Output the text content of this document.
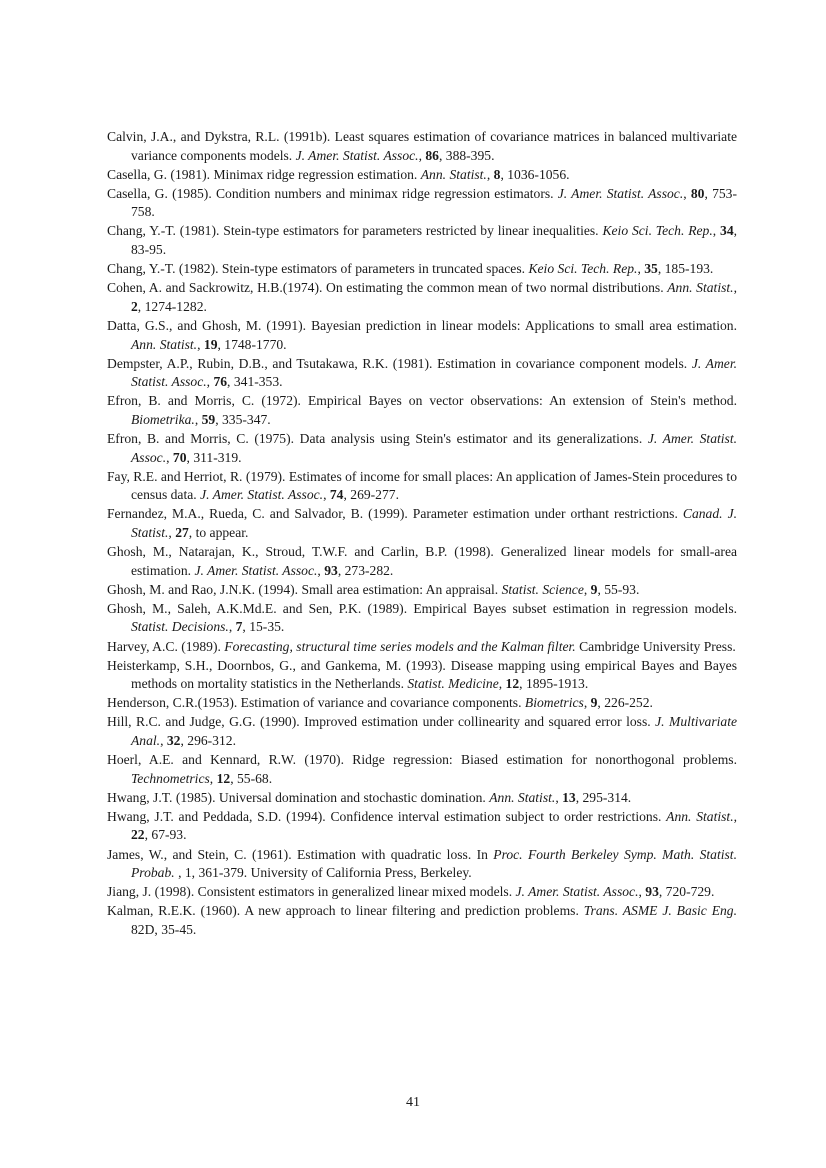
Calvin, J.A., and Dykstra, R.L. (1991b). Least squares estimation of covariance matrices in balanced multivariate variance components models. J. Amer. Statist. Assoc., 86, 388-395.
Casella, G. (1981). Minimax ridge regression estimation. Ann. Statist., 8, 1036-1056.
Casella, G. (1985). Condition numbers and minimax ridge regression estimators. J. Amer. Statist. Assoc., 80, 753-758.
Chang, Y.-T. (1981). Stein-type estimators for parameters restricted by linear inequalities. Keio Sci. Tech. Rep., 34, 83-95.
Chang, Y.-T. (1982). Stein-type estimators of parameters in truncated spaces. Keio Sci. Tech. Rep., 35, 185-193.
Cohen, A. and Sackrowitz, H.B.(1974). On estimating the common mean of two normal distributions. Ann. Statist., 2, 1274-1282.
Datta, G.S., and Ghosh, M. (1991). Bayesian prediction in linear models: Applications to small area estimation. Ann. Statist., 19, 1748-1770.
Dempster, A.P., Rubin, D.B., and Tsutakawa, R.K. (1981). Estimation in covariance component models. J. Amer. Statist. Assoc., 76, 341-353.
Efron, B. and Morris, C. (1972). Empirical Bayes on vector observations: An extension of Stein's method. Biometrika., 59, 335-347.
Efron, B. and Morris, C. (1975). Data analysis using Stein's estimator and its generalizations. J. Amer. Statist. Assoc., 70, 311-319.
Fay, R.E. and Herriot, R. (1979). Estimates of income for small places: An application of James-Stein procedures to census data. J. Amer. Statist. Assoc., 74, 269-277.
Fernandez, M.A., Rueda, C. and Salvador, B. (1999). Parameter estimation under orthant restrictions. Canad. J. Statist., 27, to appear.
Ghosh, M., Natarajan, K., Stroud, T.W.F. and Carlin, B.P. (1998). Generalized linear models for small-area estimation. J. Amer. Statist. Assoc., 93, 273-282.
Ghosh, M. and Rao, J.N.K. (1994). Small area estimation: An appraisal. Statist. Science, 9, 55-93.
Ghosh, M., Saleh, A.K.Md.E. and Sen, P.K. (1989). Empirical Bayes subset estimation in regression models. Statist. Decisions., 7, 15-35.
Harvey, A.C. (1989). Forecasting, structural time series models and the Kalman filter. Cambridge University Press.
Heisterkamp, S.H., Doornbos, G., and Gankema, M. (1993). Disease mapping using empirical Bayes and Bayes methods on mortality statistics in the Netherlands. Statist. Medicine, 12, 1895-1913.
Henderson, C.R.(1953). Estimation of variance and covariance components. Biometrics, 9, 226-252.
Hill, R.C. and Judge, G.G. (1990). Improved estimation under collinearity and squared error loss. J. Multivariate Anal., 32, 296-312.
Hoerl, A.E. and Kennard, R.W. (1970). Ridge regression: Biased estimation for nonorthogonal problems. Technometrics, 12, 55-68.
Hwang, J.T. (1985). Universal domination and stochastic domination. Ann. Statist., 13, 295-314.
Hwang, J.T. and Peddada, S.D. (1994). Confidence interval estimation subject to order restrictions. Ann. Statist., 22, 67-93.
James, W., and Stein, C. (1961). Estimation with quadratic loss. In Proc. Fourth Berkeley Symp. Math. Statist. Probab. , 1, 361-379. University of California Press, Berkeley.
Jiang, J. (1998). Consistent estimators in generalized linear mixed models. J. Amer. Statist. Assoc., 93, 720-729.
Kalman, R.E.K. (1960). A new approach to linear filtering and prediction problems. Trans. ASME J. Basic Eng. 82D, 35-45.
41
